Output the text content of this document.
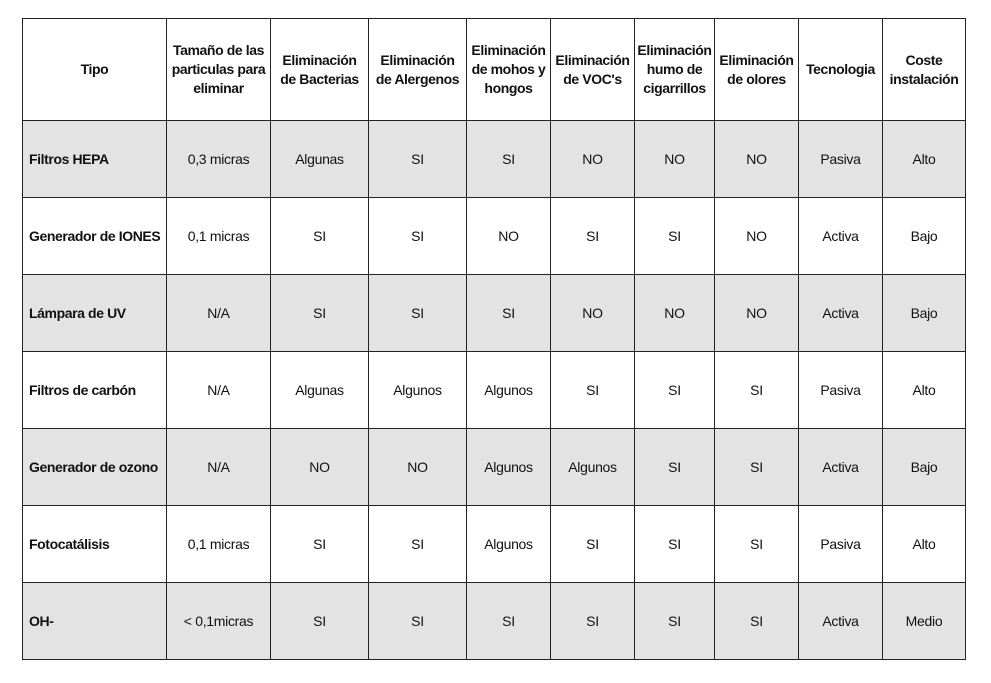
Tipo	Tamaño de las particulas para eliminar	Eliminación de Bacterias	Eliminación de Alergenos	Eliminación de mohos y hongos	Eliminación de VOC's	Eliminación humo de cigarrillos	Eliminación de olores	Tecnologia	Coste instalación
Filtros HEPA	0,3 micras	Algunas	SI	SI	NO	NO	NO	Pasiva	Alto
Generador de IONES	0,1 micras	SI	SI	NO	SI	SI	NO	Activa	Bajo
Lámpara de UV	N/A	SI	SI	SI	NO	NO	NO	Activa	Bajo
Filtros de carbón	N/A	Algunas	Algunos	Algunos	SI	SI	SI	Pasiva	Alto
Generador de ozono	N/A	NO	NO	Algunos	Algunos	SI	SI	Activa	Bajo
Fotocatálisis	0,1 micras	SI	SI	Algunos	SI	SI	SI	Pasiva	Alto
OH-	< 0,1micras	SI	SI	SI	SI	SI	SI	Activa	Medio
